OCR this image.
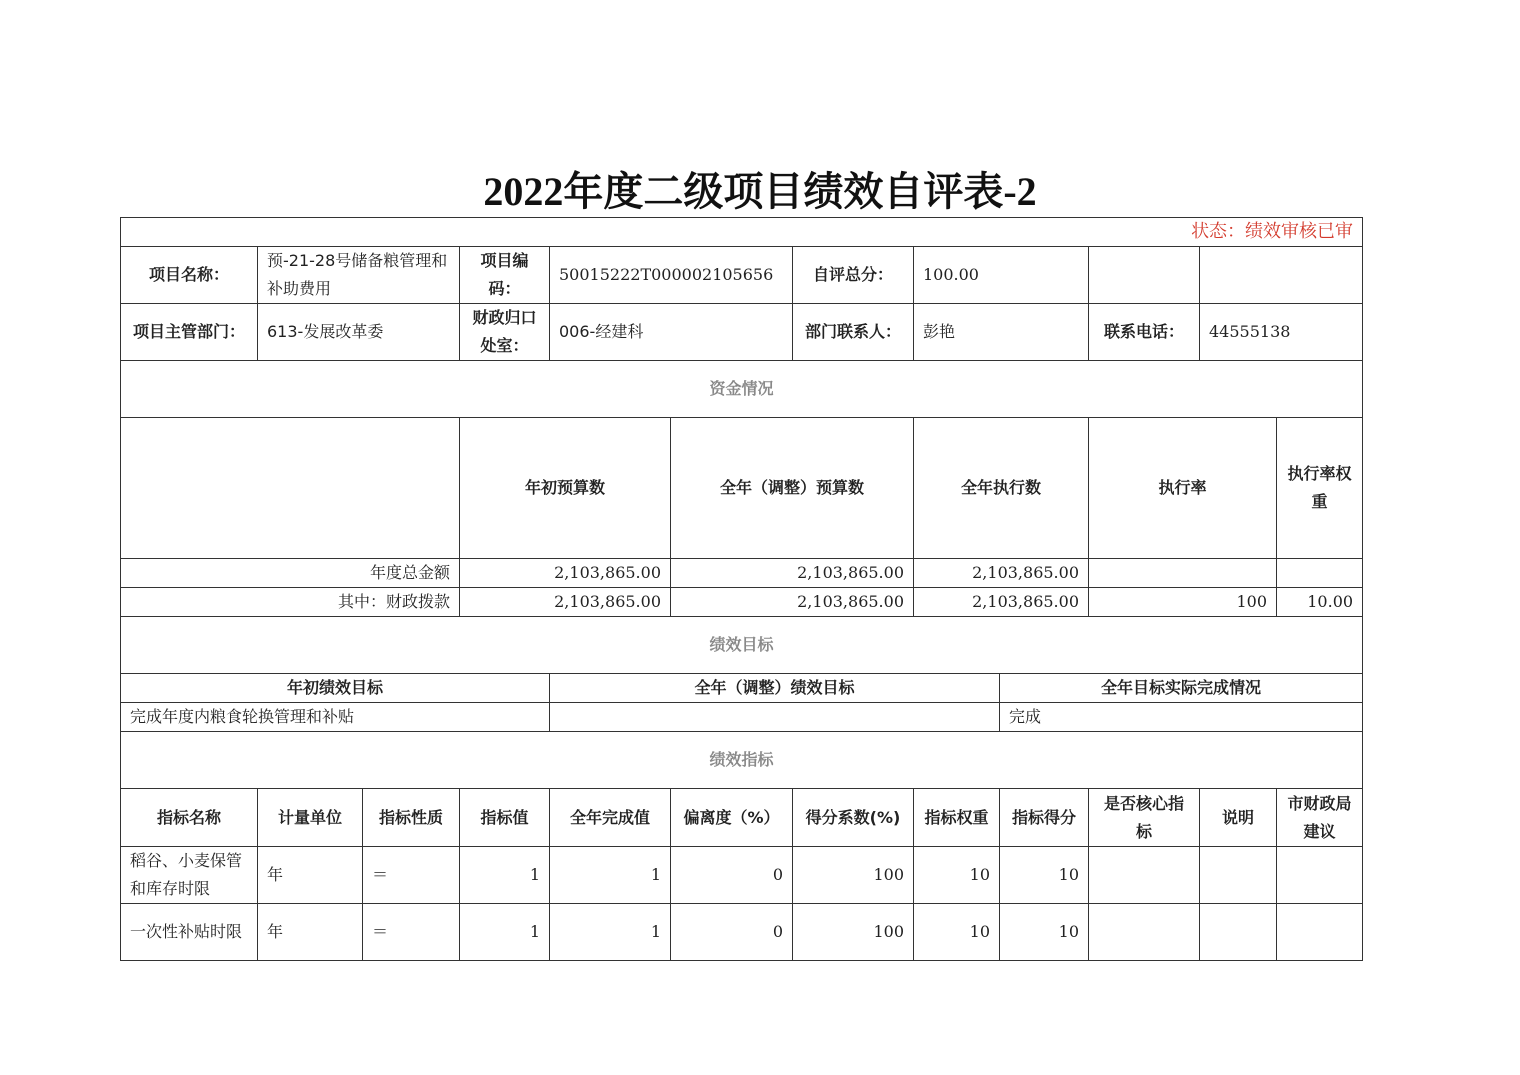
2022年度二级项目绩效自评表-2
状态：绩效审核已审												
项目名称：	预-21-28号储备粮管理和补助费用		项目编码：	50015222T000002105656		自评总分：	100.00					
项目主管部门：	613-发展改革委		财政归口处室：	006-经建科		部门联系人：	彭艳		联系电话：	44555138		
资金情况												
			年初预算数		全年（调整）预算数		全年执行数		执行率		执行率权重	
年度总金额			2,103,865.00		2,103,865.00		2,103,865.00					
其中：财政拨款			2,103,865.00		2,103,865.00		2,103,865.00		100		10.00	
绩效目标												
年初绩效目标				全年（调整）绩效目标				全年目标实际完成情况				
完成年度内粮食轮换管理和补贴								完成				
绩效指标												
指标名称	计量单位	指标性质	指标值	全年完成值	偏离度（%）	得分系数(%)	指标权重	指标得分	是否核心指标	说明	市财政局建议	
稻谷、小麦保管和库存时限	年	＝	1	1	0	100	10	10				
一次性补贴时限	年	＝	1	1	0	100	10	10				
